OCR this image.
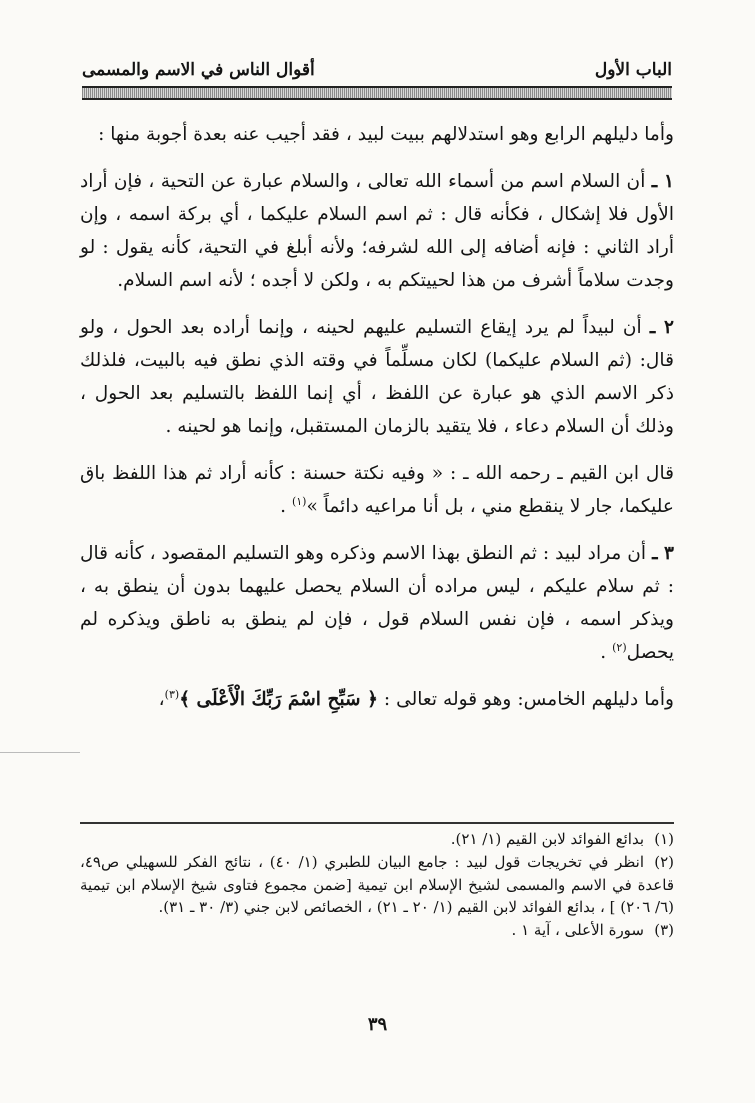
الباب الأول
أقوال الناس في الاسم والمسمى

وأما دليلهم الرابع وهو استدلالهم ببيت لبيد ، فقد أجيب عنه بعدة أجوبة منها :

١ ـ أن السلام اسم من أسماء الله تعالى ، والسلام عبارة عن التحية ، فإن أراد الأول فلا إشكال ، فكأنه قال : ثم اسم السلام عليكما ، أي بركة اسمه ، وإن أراد الثاني : فإنه أضافه إلى الله لشرفه؛ ولأنه أبلغ في التحية، كأنه يقول : لو وجدت سلاماً أشرف من هذا لحييتكم به ، ولكن لا أجده ؛ لأنه اسم السلام.

٢ ـ أن لبيداً لم يرد إيقاع التسليم عليهم لحينه ، وإنما أراده بعد الحول ، ولو قال: (ثم السلام عليكما) لكان مسلِّماً في وقته الذي نطق فيه بالبيت، فلذلك ذكر الاسم الذي هو عبارة عن اللفظ ، أي إنما اللفظ بالتسليم بعد الحول ، وذلك أن السلام دعاء ، فلا يتقيد بالزمان المستقبل، وإنما هو لحينه .

قال ابن القيم ـ رحمه الله ـ : « وفيه نكتة حسنة : كأنه أراد ثم هذا اللفظ باق عليكما، جار لا ينقطع مني ، بل أنا مراعيه دائماً »$^{(١)}$ .

٣ ـ أن مراد لبيد : ثم النطق بهذا الاسم وذكره وهو التسليم المقصود ، كأنه قال : ثم سلام عليكم ، ليس مراده أن السلام يحصل عليهما بدون أن ينطق به ، ويذكر اسمه ، فإن نفس السلام قول ، فإن لم ينطق به ناطق ويذكره لم يحصل$^{(٢)}$ .

وأما دليلهم الخامس: وهو قوله تعالى : ﴿ سَبِّحِ اسْمَ رَبِّكَ الْأَعْلَى ﴾$^{(٣)}$،

(١)بدائع الفوائد لابن القيم (١/ ٢١).

(٢)انظر في تخريجات قول لبيد : جامع البيان للطبري (١/ ٤٠) ، نتائج الفكر للسهيلي ص٤٩، قاعدة في الاسم والمسمى لشيخ الإسلام ابن تيمية [ضمن مجموع فتاوى شيخ الإسلام ابن تيمية (٦/ ٢٠٦) ] ، بدائع الفوائد لابن القيم (١/ ٢٠ ـ ٢١) ، الخصائص لابن جني (٣/ ٣٠ ـ ٣١).

(٣)سورة الأعلى ، آية ١ .

٣٩
